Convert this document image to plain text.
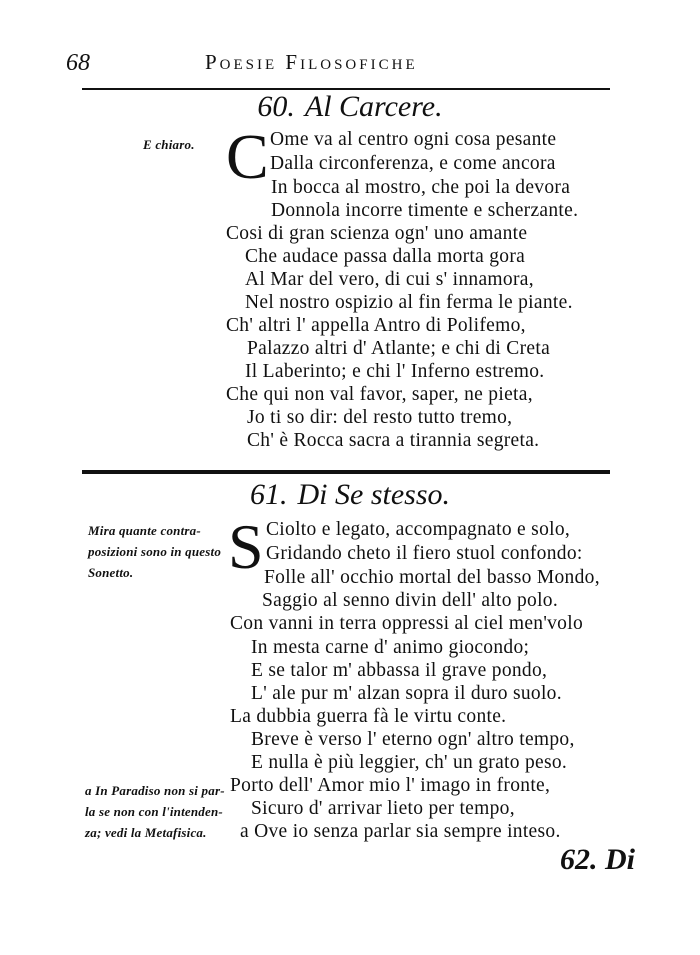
68	Poesie Filosofiche
60. Al Carcere.
E chiaro. C Ome va al centro ogni cosa pesante
Dalla circonferenza, e come ancora
In bocca al mostro, che poi la devora
Donnola incorre timente e scherzante.
Cosi di gran scienza ogn' uno amante
Che audace passa dalla morta gora
Al Mar del vero, di cui s' innamora,
Nel nostro ospizio al fin ferma le piante.
Ch' altri l' appella Antro di Polifemo,
Palazzo altri d' Atlante; e chi di Creta
Il Laberinto; e chi l' Inferno estremo.
Che qui non val favor, saper, ne pieta,
Jo ti so dir: del resto tutto tremo,
Ch' è Rocca sacra a tirannia segreta.
61. Di Se stesso.
Mira quante contra-
posizioni sono in questo
Sonetto.	S Ciolto e legato, accompagnato e solo,
Gridando cheto il fiero stuol confondo:
Folle all' occhio mortal del basso Mondo,
Saggio al senno divin dell' alto polo.
Con vanni in terra oppressi al ciel men'volo
In mesta carne d' animo giocondo;
E se talor m' abbassa il grave pondo,
L' ale pur m' alzan sopra il duro suolo.
La dubbia guerra fà le virtu conte.
Breve è verso l' eterno ogn' altro tempo,
E nulla è più leggier, ch' un grato peso.
Porto dell' Amor mio l' imago in fronte,
Sicuro d' arrivar lieto per tempo,
a Ove io senza parlar sia sempre inteso.
a In Paradiso non si par-
la se non con l'intenden-
za; vedi la Metafisica.
62. Di
